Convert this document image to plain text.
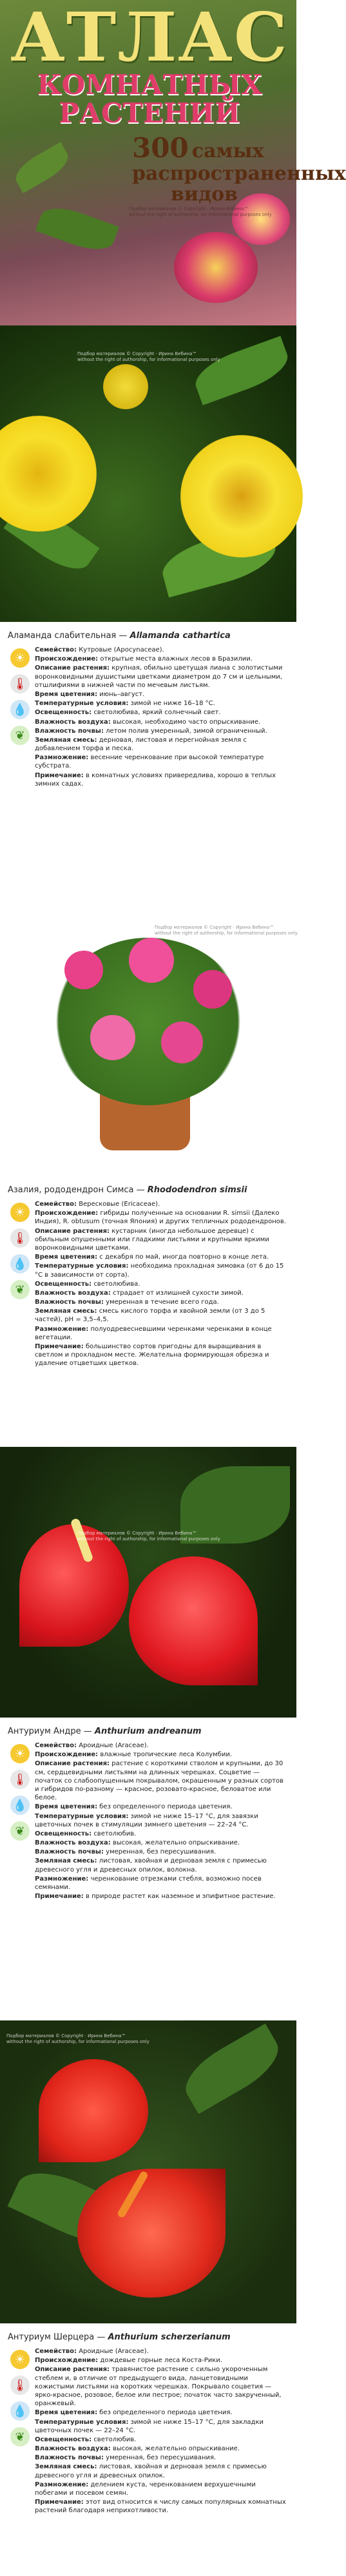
АТЛАС
КОМНАТНЫХ
РАСТЕНИЙ
300 самых
распространенных
видов
Подбор материалов © Copyright · Ирина Вебина™
without the right of authorship, for informational purposes only
Подбор материалов © Copyright · Ирина Вебина™
without the right of authorship, for informational purposes only
Аламанда слабительная — Allamanda cathartica
☀
🌡
💧
❦
Семейство: Кутровые (Apocynaceae).
Происхождение: открытые места влажных лесов в Бразилии.
Описание растения: крупная, обильно цветущая лиана с золотистыми воронковидными душистыми цветками диаметром до 7 см и цельными, отшлифиями в нижней части по мечевым листьям.
Время цветения: июнь–август.
Температурные условия: зимой не ниже 16–18 °С.
Освещенность: светолюбива, яркий солнечный свет.
Влажность воздуха: высокая, необходимо часто опрыскивание.
Влажность почвы: летом полив умеренный, зимой ограниченный.
Земляная смесь: дерновая, листовая и перегнойная земля с добавлением торфа и песка.
Размножение: весенние черенкование при высокой температуре субстрата.
Примечание: в комнатных условиях привередлива, хорошо в теплых зимних садах.
Подбор материалов © Copyright · Ирина Вебина™
without the right of authorship, for informational purposes only
Азалия, рододендрон Симса — Rhododendron simsii
☀
🌡
💧
❦
Семейство: Вересковые (Ericaceae).
Происхождение: гибриды полученные на основании R. simsii (Далеко Индия), R. obtusum (точная Япония) и других тепличных рододендронов.
Описание растения: кустарник (иногда небольшое деревце) с обильным опушенными или гладкими листьями и крупными яркими воронковидными цветками.
Время цветения: с декабря по май, иногда повторно в конце лета.
Температурные условия: необходима прохладная зимовка (от 6 до 15 °С в зависимости от сорта).
Освещенность: светолюбива.
Влажность воздуха: страдает от излишней сухости зимой.
Влажность почвы: умеренная в течение всего года.
Земляная смесь: смесь кислого торфа и хвойной земли (от 3 до 5 частей), pH = 3,5–4,5.
Размножение: полуодревесневшими черенками черенками в конце вегетации.
Примечание: большинство сортов пригодны для выращивания в светлом и прохладном месте. Желательна формирующая обрезка и удаление отцветших цветков.
Подбор материалов © Copyright · Ирина Вебина™
without the right of authorship, for informational purposes only
Антуриум Андре — Anthurium andreanum
☀
🌡
💧
❦
Семейство: Ароидные (Araceae).
Происхождение: влажные тропические леса Колумбии.
Описание растения: растение с короткими стволом и крупными, до 30 см, сердцевидными листьями на длинных черешках. Соцветие — початок со слабоопущенным покрывалом, окрашенным у разных сортов и гибридов по-разному — красное, розовато-красное, беловатое или белое.
Время цветения: без определенного периода цветения.
Температурные условия: зимой не ниже 15–17 °С, для завязки цветочных почек в стимуляции зимнего цветения — 22–24 °С.
Освещенность: светолюбив.
Влажность воздуха: высокая, желательно опрыскивание.
Влажность почвы: умеренная, без пересушивания.
Земляная смесь: листовая, хвойная и дерновая земля с примесью древесного угля и древесных опилок, волокна.
Размножение: черенкование отрезками стебля, возможно посев семянами.
Примечание: в природе растет как наземное и эпифитное растение.
Подбор материалов © Copyright · Ирина Вебина™
without the right of authorship, for informational purposes only
Антуриум Шерцера — Anthurium scherzerianum
☀
🌡
💧
❦
Семейство: Ароидные (Araceae).
Происхождение: дождевые горные леса Коста-Рики.
Описание растения: травянистое растение с сильно укороченным стеблем и, в отличие от предыдущего вида, ланцетовидными кожистыми листьями на коротких черешках. Покрывало соцветия — ярко-красное, розовое, белое или пестрое; початок часто закрученный, оранжевый.
Время цветения: без определенного периода цветения.
Температурные условия: зимой не ниже 15–17 °С, для закладки цветочных почек — 22–24 °С.
Освещенность: светолюбив.
Влажность воздуха: высокая, желательно опрыскивание.
Влажность почвы: умеренная, без пересушивания.
Земляная смесь: листовая, хвойная и дерновая земля с примесью древесного угля и древесных опилок.
Размножение: делением куста, черенкованием верхушечными побегами и посевом семян.
Примечание: этот вид относится к числу самых популярных комнатных растений благодаря неприхотливости.
